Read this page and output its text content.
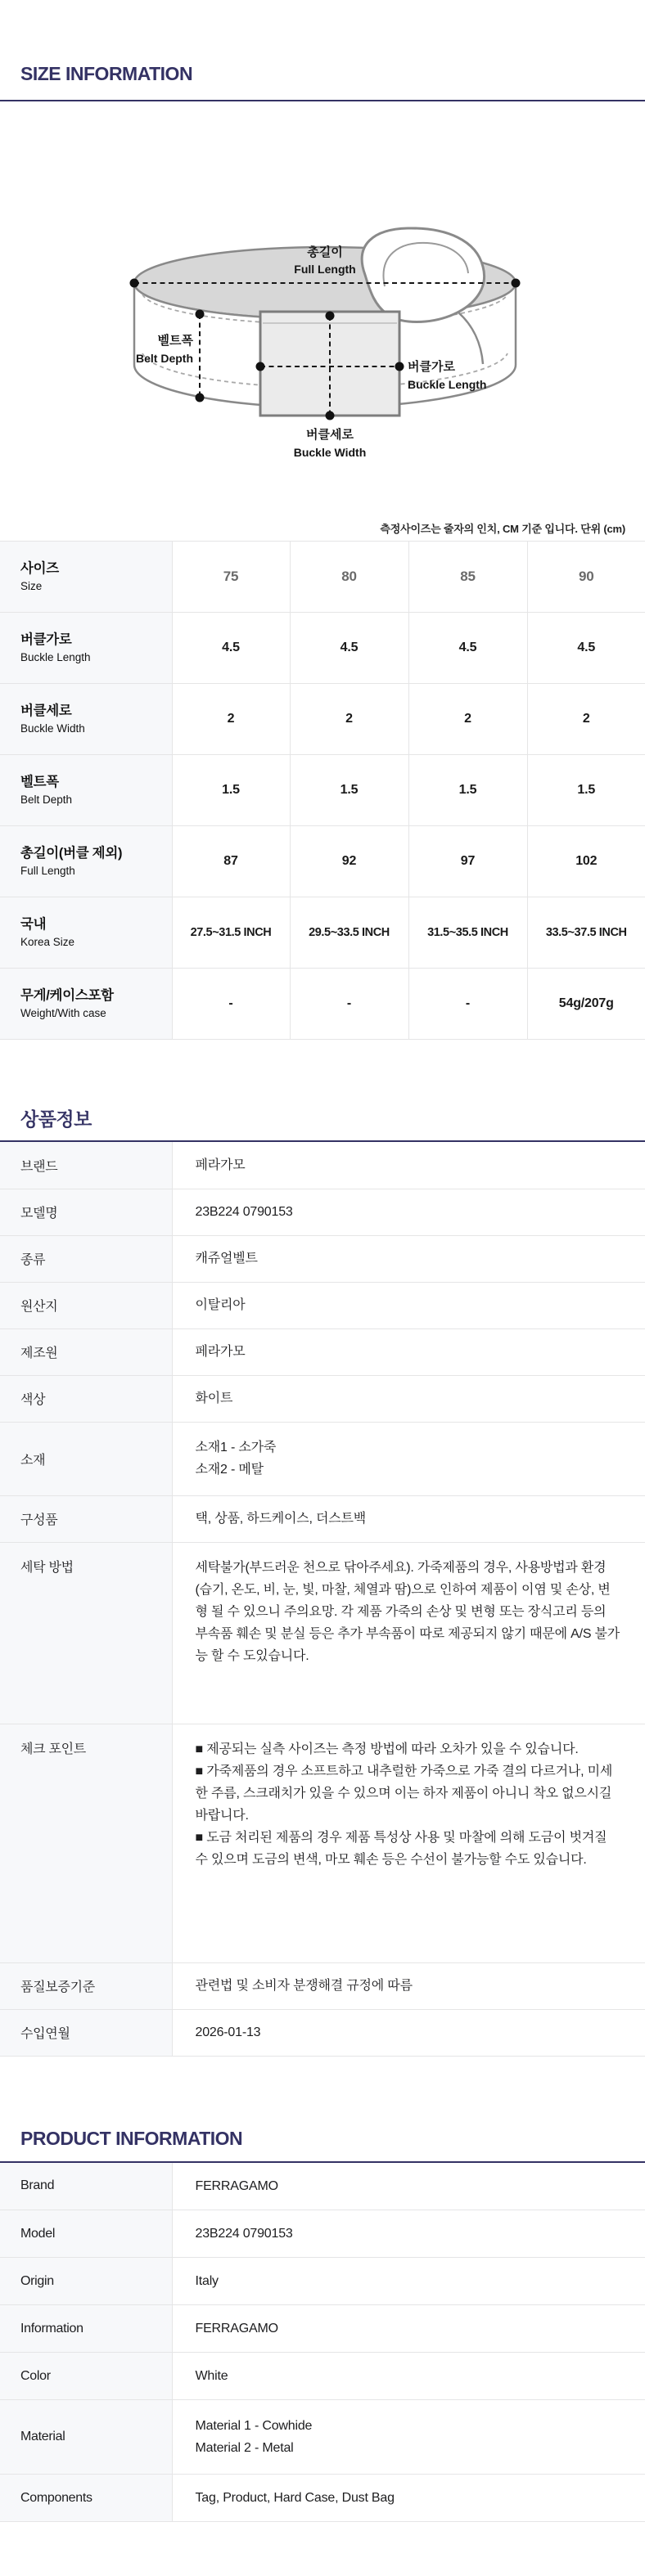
SIZE INFORMATION
총길이
Full Length
벨트폭
Belt Depth
버클가로
Buckle Length
버클세로
Buckle Width
측정사이즈는 줄자의 인치, CM 기준 입니다. 단위 (cm)
사이즈
Size	75	80	85	90

버클가로
Buckle Length	4.5	4.5	4.5	4.5

버클세로
Buckle Width	2	2	2	2

벨트폭
Belt Depth	1.5	1.5	1.5	1.5

총길이(버클 제외)
Full Length	87	92	97	102

국내
Korea Size	27.5~31.5 INCH	29.5~33.5 INCH	31.5~35.5 INCH	33.5~37.5 INCH

무게/케이스포함
Weight/With case	-	-	-	54g/207g
상품정보
브랜드	페라가모
모델명	23B224 0790153
종류	캐쥬얼벨트
원산지	이탈리아
제조원	페라가모
색상	화이트
소재	소재1 - 소가죽
소재2 - 메탈

구성품	택, 상품, 하드케이스, 더스트백
세탁 방법	세탁불가(부드러운 천으로 닦아주세요). 가죽제품의 경우, 사용방법과 환경(습기, 온도, 비, 눈, 빛, 마찰, 체열과 땀)으로 인하여 제품이 이염 및 손상, 변형 될 수 있으니 주의요망. 각 제품 가죽의 손상 및 변형 또는 장식고리 등의 부속품 훼손 및 분실 등은 추가 부속품이 따로 제공되지 않기 때문에 A/S 불가능 할 수 도있습니다.
체크 포인트	■ 제공되는 실측 사이즈는 측정 방법에 따라 오차가 있을 수 있습니다.

■ 가죽제품의 경우 소프트하고 내추럴한 가죽으로 가죽 결의 다르거나, 미세한 주름, 스크래치가 있을 수 있으며 이는 하자 제품이 아니니 착오 없으시길 바랍니다.

■ 도금 처리된 제품의 경우 제품 특성상 사용 및 마찰에 의해 도금이 벗겨질 수 있으며 도금의 변색, 마모 훼손 등은 수선이 불가능할 수도 있습니다.

품질보증기준	관련법 및 소비자 분쟁해결 규정에 따름
수입연월	2026-01-13
PRODUCT INFORMATION
Brand	FERRAGAMO
Model	23B224 0790153
Origin	Italy
Information	FERRAGAMO
Color	White
Material	Material 1 - Cowhide
Material 2 - Metal

Components	Tag, Product, Hard Case, Dust Bag
